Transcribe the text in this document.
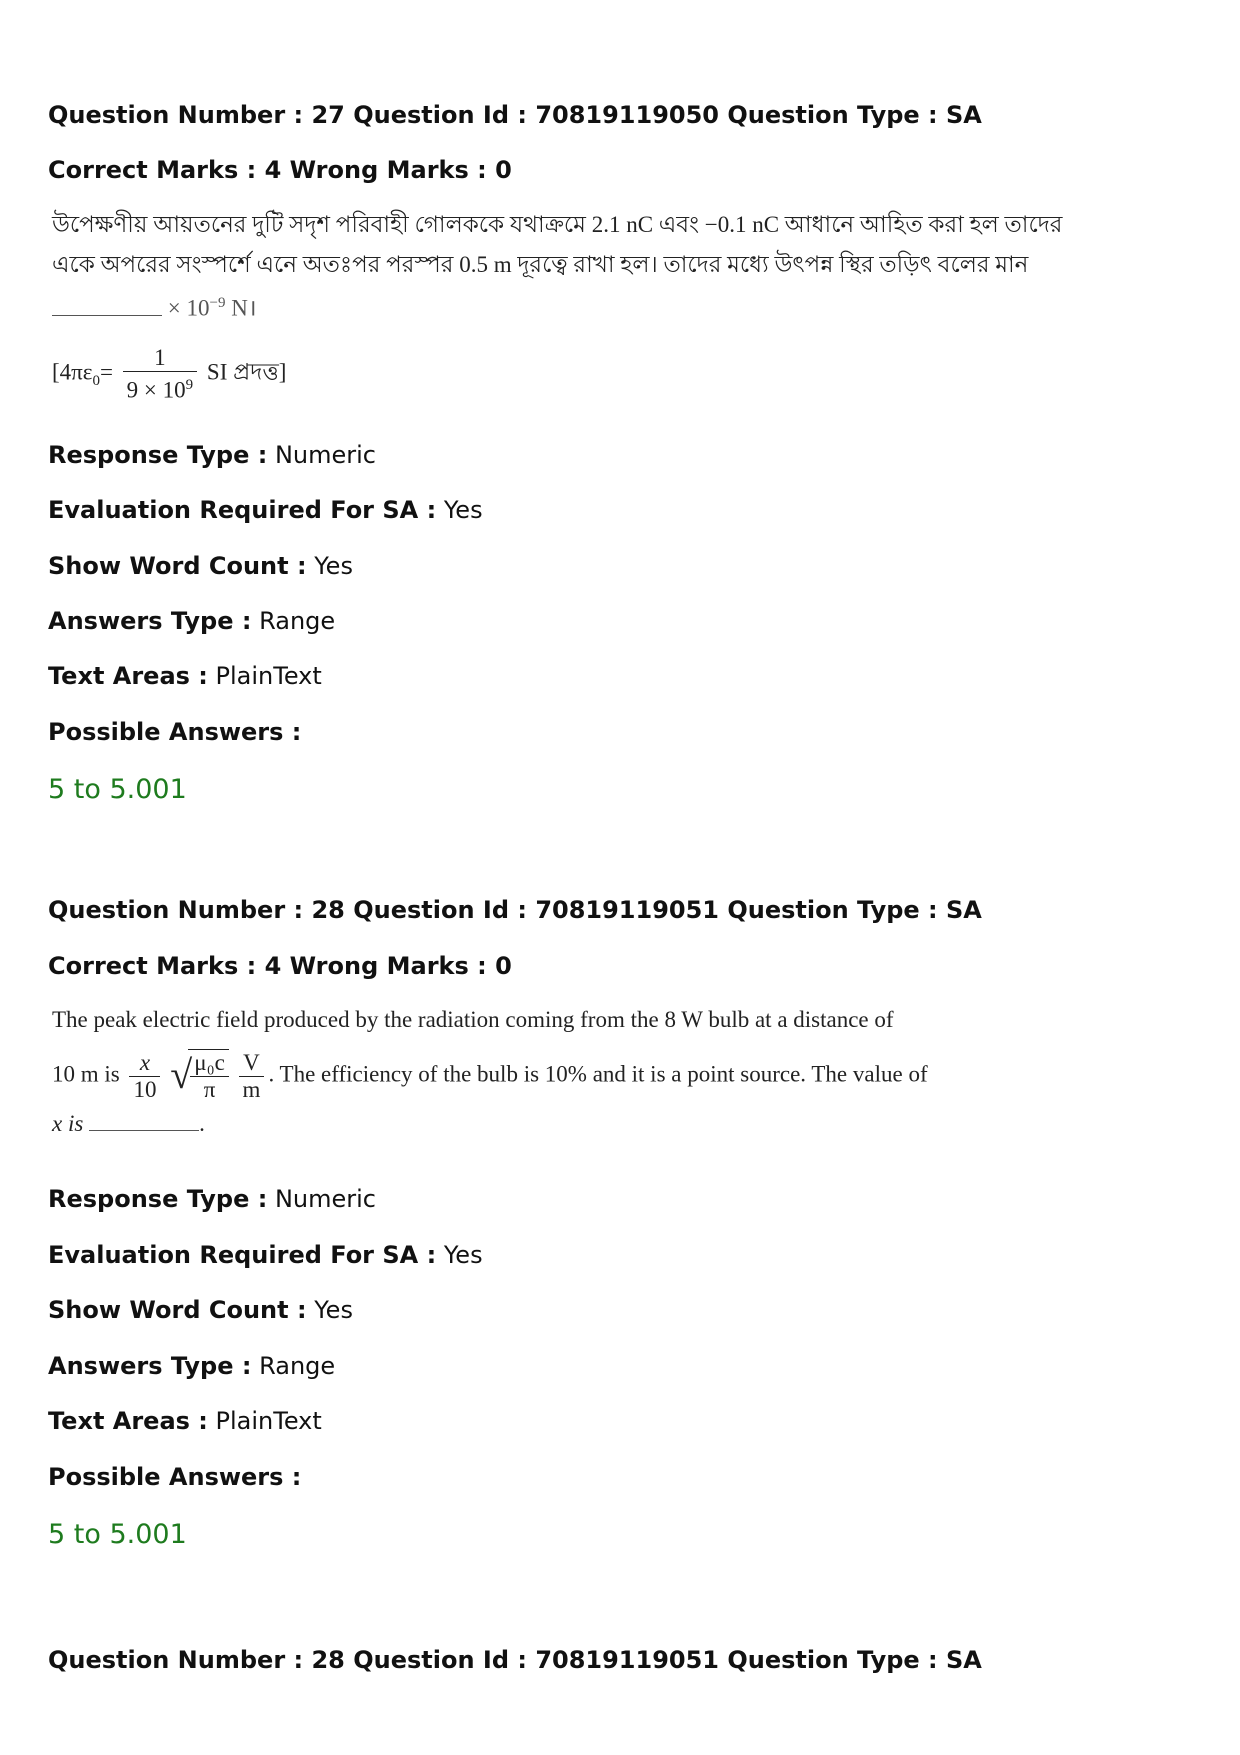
Question Number : 27 Question Id : 70819119050 Question Type : SA

Correct Marks : 4 Wrong Marks : 0

উপেক্ষণীয় আয়তনের দুটি সদৃশ পরিবাহী গোলককে যথাক্রমে 2.1 nC এবং −0.1 nC আধানে আহিত করা হল তাদের
একে অপরের সংস্পর্শে এনে অতঃপর পরস্পর 0.5 m দূরত্বে রাখা হল। তাদের মধ্যে উৎপন্ন স্থির তড়িৎ বলের মান
× $10^{-9}$ N।
[$4\pi\varepsilon_0= \frac{1}{9 \times 10^9}$ SI প্রদত্ত]

Response Type : Numeric

Evaluation Required For SA : Yes

Show Word Count : Yes

Answers Type : Range

Text Areas : PlainText

Possible Answers :

5 to 5.001

Question Number : 28 Question Id : 70819119051 Question Type : SA

Correct Marks : 4 Wrong Marks : 0

The peak electric field produced by the radiation coming from the 8 W bulb at a distance of
10 m is $\frac{x}{10}$
√
$\frac{\text{μ₀c}}{\pi}$
$\frac{V}{m}$ . The efficiency of the bulb is 10% and it is a point source. The value of
x is	.

Response Type : Numeric

Evaluation Required For SA : Yes

Show Word Count : Yes

Answers Type : Range

Text Areas : PlainText

Possible Answers :

5 to 5.001

Question Number : 28 Question Id : 70819119051 Question Type : SA
